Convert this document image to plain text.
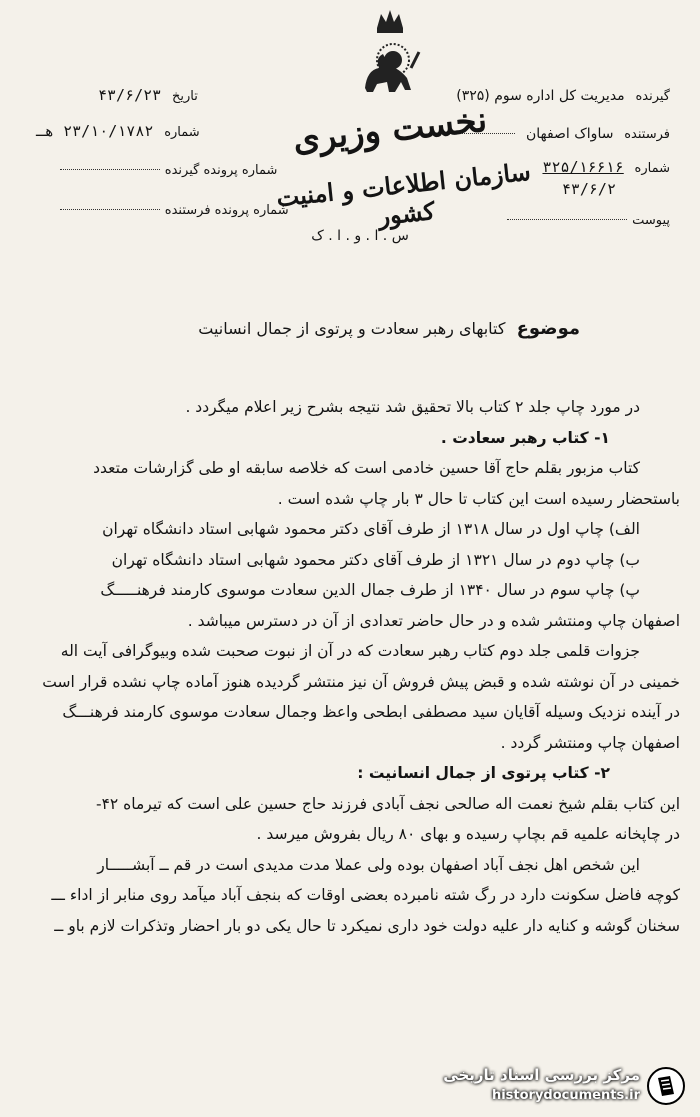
گیرنده مدیریت کل اداره سوم (۳۲۵)
فرستنده ساواک اصفهان
شماره ۳۲۵/۱۶۶۱۶
۴۳/۶/۲
پیوست
تاریخ ۴۳/۶/۲۳
شماره ۲۳/۱۰/۱۷۸۲ هـ
شماره پرونده گیرنده
شماره پرونده فرستنده
نخست وزیری
سازمان اطلاعات و امنیت کشور
س . ا . و . ا . ک
موضوع کتابهای رهبر سعادت و پرتوی از جمال انسانیت

در مورد چاپ جلد ۲ کتاب بالا تحقیق شد نتیجه بشرح زیر اعلام میگردد .

۱- کتاب رهبر سعادت .

کتاب مزبور بقلم حاج آقا حسین خادمی است که خلاصه سابقه او طی گزارشات متعدد

باستحضار رسیده است این کتاب تا حال ۳ بار چاپ شده است .

الف) چاپ اول در سال ۱۳۱۸ از طرف آقای دکتر محمود شهابی استاد دانشگاه تهران

ب) چاپ دوم در سال ۱۳۲۱ از طرف آقای دکتر محمود شهابی استاد دانشگاه تهران

پ) چاپ سوم در سال ۱۳۴۰ از طرف جمال الدین سعادت موسوی کارمند فرهنـــــگ

اصفهان چاپ ومنتشر شده و در حال حاضر تعدادی از آن در دسترس میباشد .

جزوات قلمی جلد دوم کتاب رهبر سعادت که در آن از نبوت صحبت شده وبیوگرافی آیت اله

خمینی در آن نوشته شده و قبض پیش فروش آن نیز منتشر گردیده هنوز آماده چاپ نشده قرار است

در آینده نزدیک وسیله آقایان سید مصطفی ابطحی واعظ وجمال سعادت موسوی کارمند فرهنـــگ

اصفهان چاپ ومنتشر گردد .

۲- کتاب پرتوی از جمال انسانیت :

این کتاب بقلم شیخ نعمت اله صالحی نجف آبادی فرزند حاج حسین علی است که تیرماه ۴۲-

در چاپخانه علمیه قم بچاپ رسیده و بهای ۸۰ ریال بفروش میرسد .

این شخص اهل نجف آباد اصفهان بوده ولی عملا مدت مدیدی است در قم ــ آبشـــــار

کوچه فاضل سکونت دارد در رگ شته نامبرده بعضی اوقات که بنجف آباد میآمد روی منابر از اداء ـــ

سخنان گوشه و کنایه دار علیه دولت خود داری نمیکرد تا حال یکی دو بار احضار وتذکرات لازم باو ــ

مرکز بررسی اسناد تاریخی
historydocuments.ir
